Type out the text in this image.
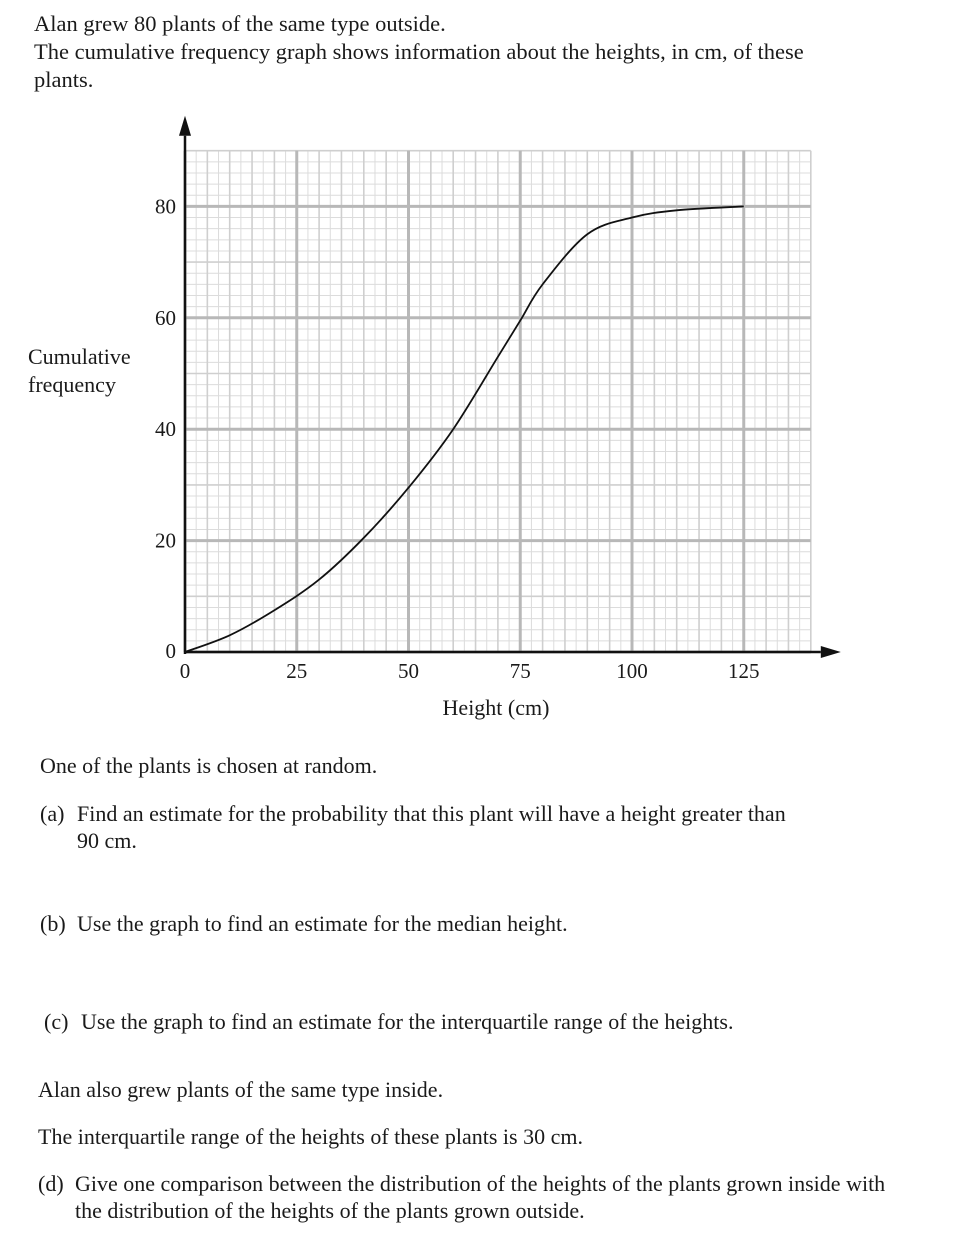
Alan grew 80 plants of the same type outside.

The cumulative frequency graph shows information about the heights, in cm, of these plants.

Cumulative
frequency
0	25	50	75	100	125
0
20
40
60
80
Height (cm)

One of the plants is chosen at random.

(a) Find an estimate for the probability that this plant will have a height greater than 90 cm.
(b) Use the graph to find an estimate for the median height.
(c) Use the graph to find an estimate for the interquartile range of the heights.

Alan also grew plants of the same type inside.

The interquartile range of the heights of these plants is 30 cm.

(d) Give one comparison between the distribution of the heights of the plants grown inside with the distribution of the heights of the plants grown outside.
